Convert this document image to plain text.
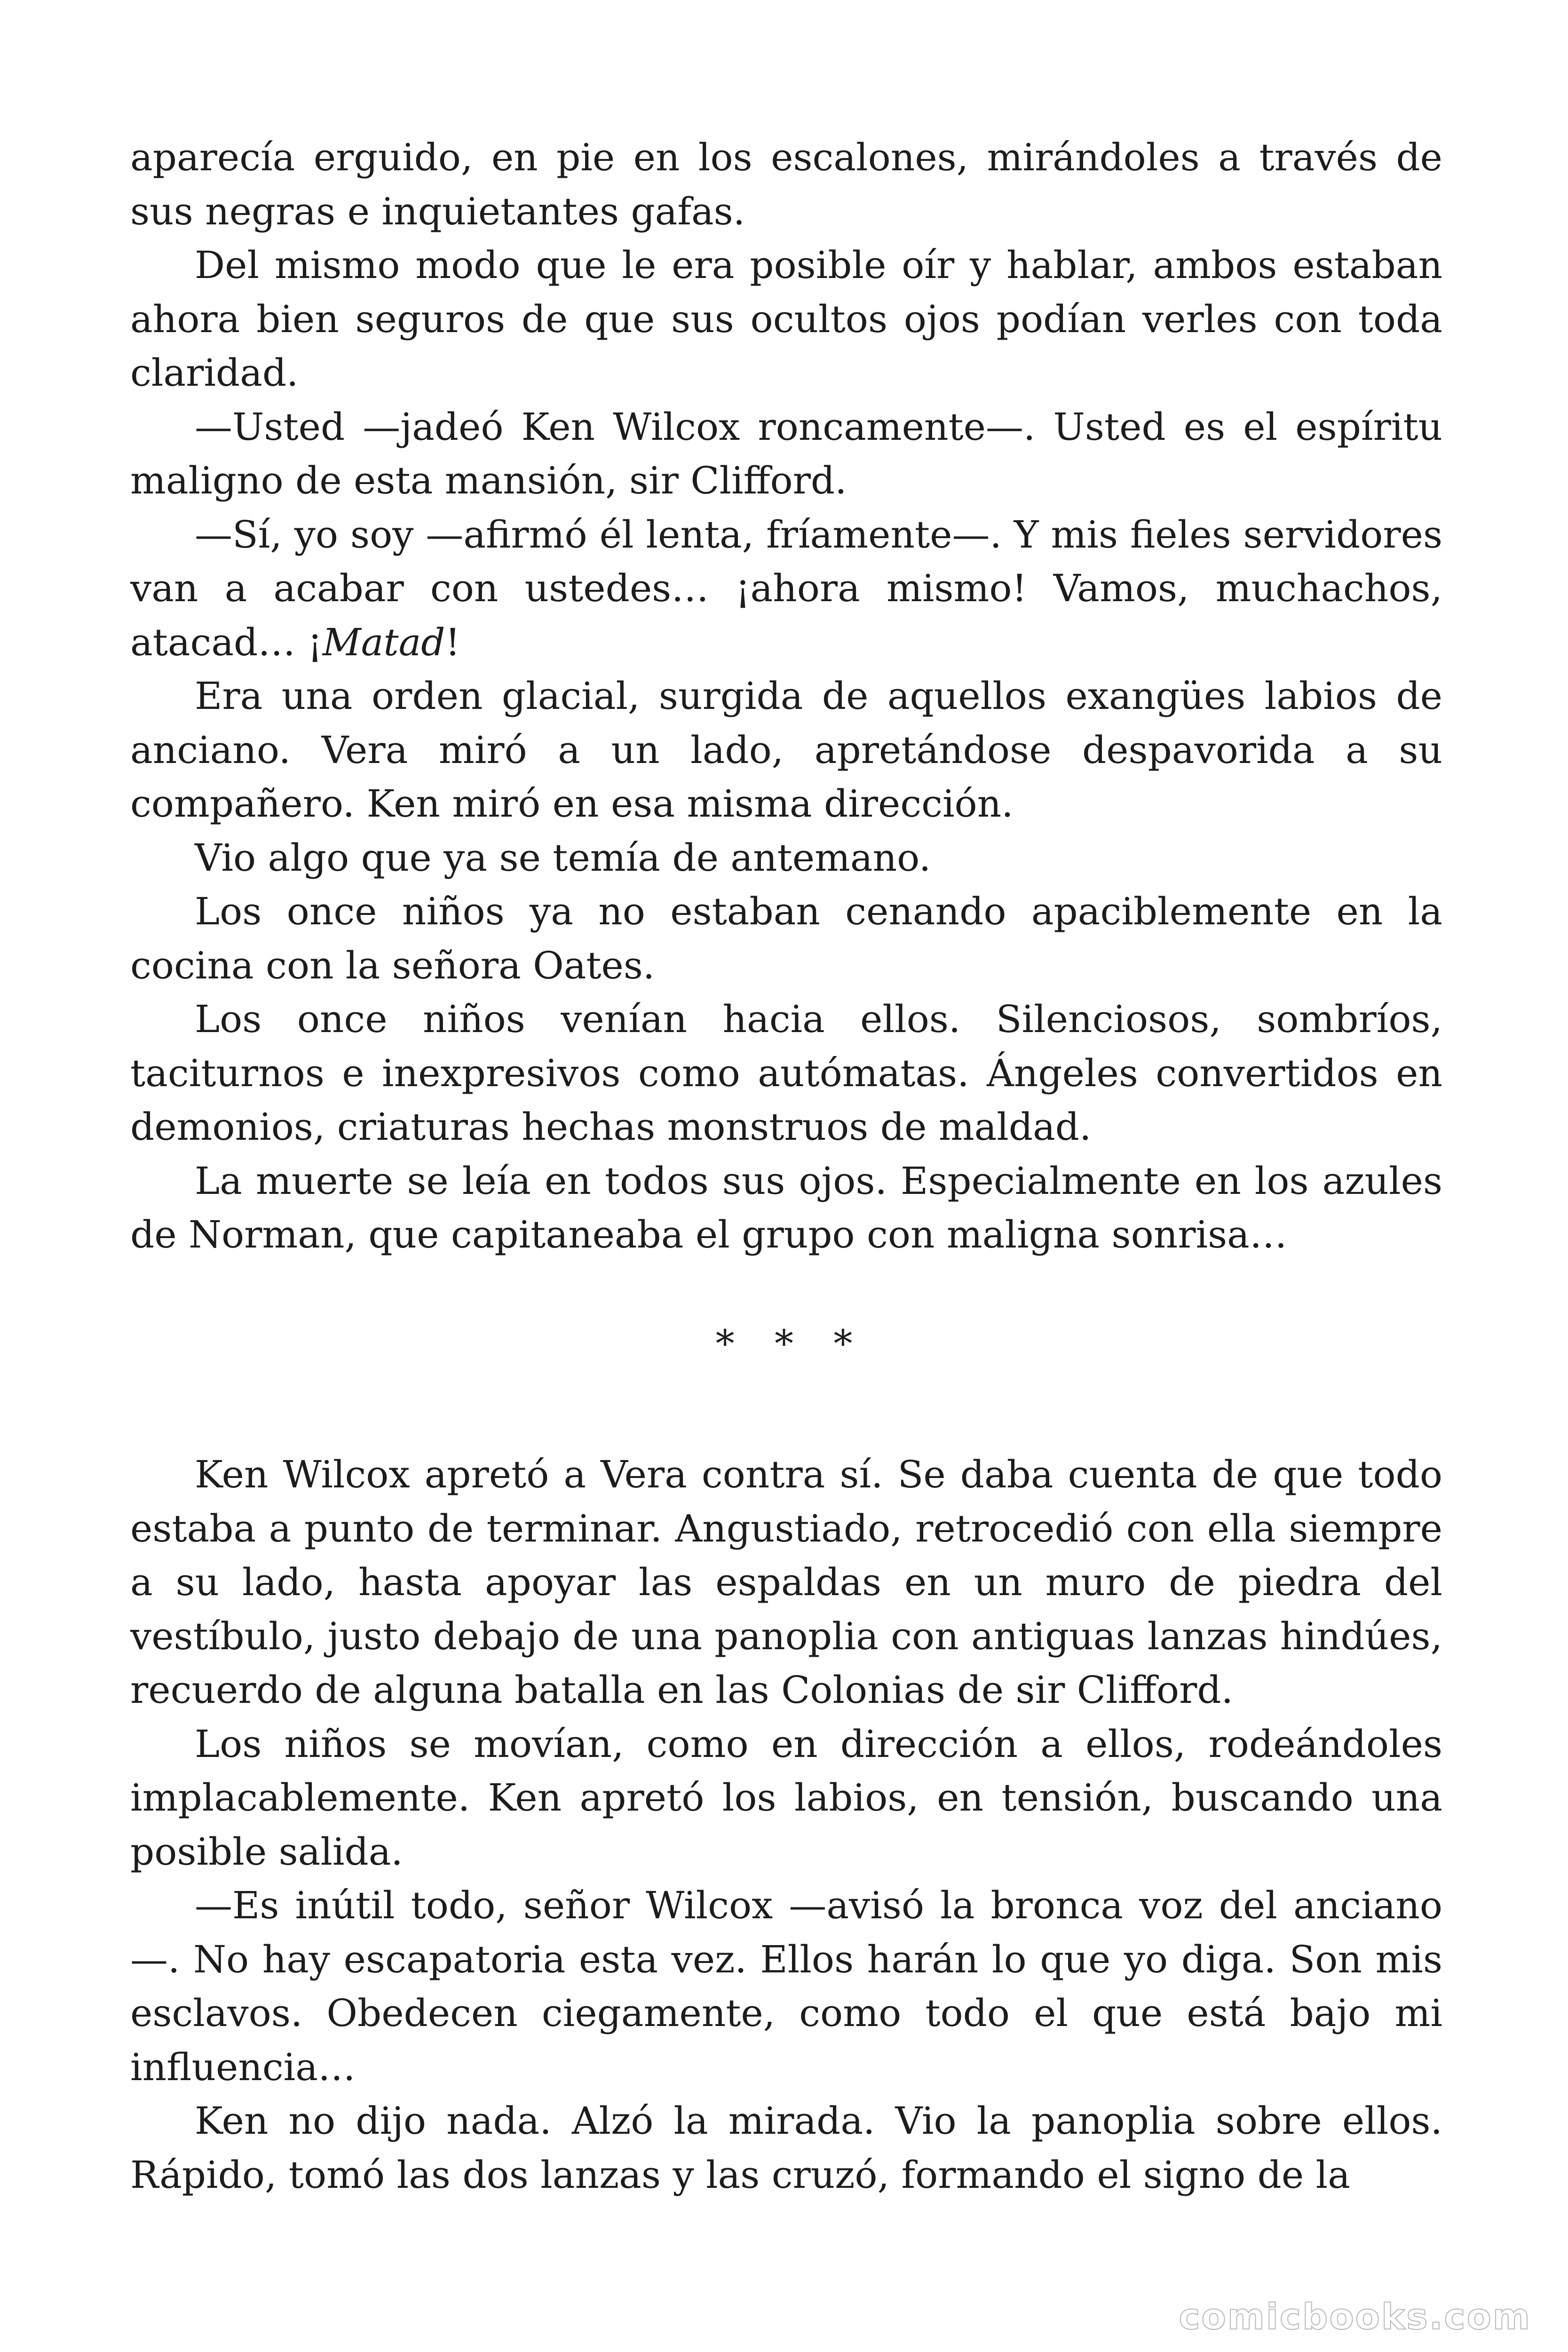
aparecía erguido, en pie en los escalones, mirándoles a través de sus negras e inquietantes gafas.

Del mismo modo que le era posible oír y hablar, ambos estaban ahora bien seguros de que sus ocultos ojos podían verles con toda claridad.

—Usted —jadeó Ken Wilcox roncamente—. Usted es el espíritu maligno de esta mansión, sir Clifford.

—Sí, yo soy —afirmó él lenta, fríamente—. Y mis fieles servidores van a acabar con ustedes… ¡ahora mismo! Vamos, muchachos, atacad… ¡Matad!

Era una orden glacial, surgida de aquellos exangües labios de anciano. Vera miró a un lado, apretándose despavorida a su compañero. Ken miró en esa misma dirección.

Vio algo que ya se temía de antemano.

Los once niños ya no estaban cenando apaciblemente en la cocina con la señora Oates.

Los once niños venían hacia ellos. Silenciosos, sombríos, taciturnos e inexpresivos como autómatas. Ángeles convertidos en demonios, criaturas hechas monstruos de maldad.

La muerte se leía en todos sus ojos. Especialmente en los azules de Norman, que capitaneaba el grupo con maligna sonrisa…

* * *

Ken Wilcox apretó a Vera contra sí. Se daba cuenta de que todo estaba a punto de terminar. Angustiado, retrocedió con ella siempre a su lado, hasta apoyar las espaldas en un muro de piedra del vestíbulo, justo debajo de una panoplia con antiguas lanzas hindúes, recuerdo de alguna batalla en las Colonias de sir Clifford.

Los niños se movían, como en dirección a ellos, rodeándoles implacablemente. Ken apretó los labios, en tensión, buscando una posible salida.

—Es inútil todo, señor Wilcox —avisó la bronca voz del anciano —. No hay escapatoria esta vez. Ellos harán lo que yo diga. Son mis esclavos. Obedecen ciegamente, como todo el que está bajo mi influencia…

Ken no dijo nada. Alzó la mirada. Vio la panoplia sobre ellos. Rápido, tomó las dos lanzas y las cruzó, formando el signo de la

comicbooks.com
